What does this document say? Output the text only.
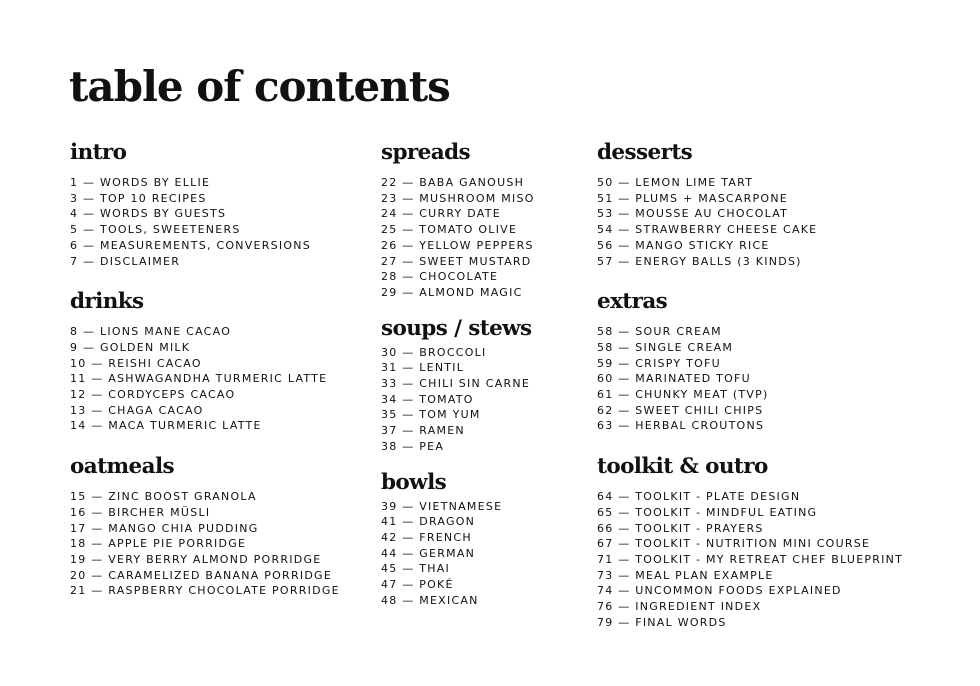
table of contents
intro
1 — WORDS BY ELLIE
3 — TOP 10 RECIPES
4 — WORDS BY GUESTS
5 — TOOLS, SWEETENERS
6 — MEASUREMENTS, CONVERSIONS
7 — DISCLAIMER
drinks
8 — LIONS MANE CACAO
9 — GOLDEN MILK
10 — REISHI CACAO
11 — ASHWAGANDHA TURMERIC LATTE
12 — CORDYCEPS CACAO
13 — CHAGA CACAO
14 — MACA TURMERIC LATTE
oatmeals
15 — ZINC BOOST GRANOLA
16 — BIRCHER MÜSLI
17 — MANGO CHIA PUDDING
18 — APPLE PIE PORRIDGE
19 — VERY BERRY ALMOND PORRIDGE
20 — CARAMELIZED BANANA PORRIDGE
21 — RASPBERRY CHOCOLATE PORRIDGE
spreads
22 — BABA GANOUSH
23 — MUSHROOM MISO
24 — CURRY DATE
25 — TOMATO OLIVE
26 — YELLOW PEPPERS
27 — SWEET MUSTARD
28 — CHOCOLATE
29 — ALMOND MAGIC
soups / stews
30 — BROCCOLI
31 — LENTIL
33 — CHILI SIN CARNE
34 — TOMATO
35 — TOM YUM
37 — RAMEN
38 — PEA
bowls
39 — VIETNAMESE
41 — DRAGON
42 — FRENCH
44 — GERMAN
45 — THAI
47 — POKÉ
48 — MEXICAN
desserts
50 — LEMON LIME TART
51 — PLUMS + MASCARPONE
53 — MOUSSE AU CHOCOLAT
54 — STRAWBERRY CHEESE CAKE
56 — MANGO STICKY RICE
57 — ENERGY BALLS (3 KINDS)
extras
58 — SOUR CREAM
58 — SINGLE CREAM
59 — CRISPY TOFU
60 — MARINATED TOFU
61 — CHUNKY MEAT (TVP)
62 — SWEET CHILI CHIPS
63 — HERBAL CROUTONS
toolkit & outro
64 — TOOLKIT - PLATE DESIGN
65 — TOOLKIT - MINDFUL EATING
66 — TOOLKIT - PRAYERS
67 — TOOLKIT - NUTRITION MINI COURSE
71 — TOOLKIT - MY RETREAT CHEF BLUEPRINT
73 — MEAL PLAN EXAMPLE
74 — UNCOMMON FOODS EXPLAINED
76 — INGREDIENT INDEX
79 — FINAL WORDS
